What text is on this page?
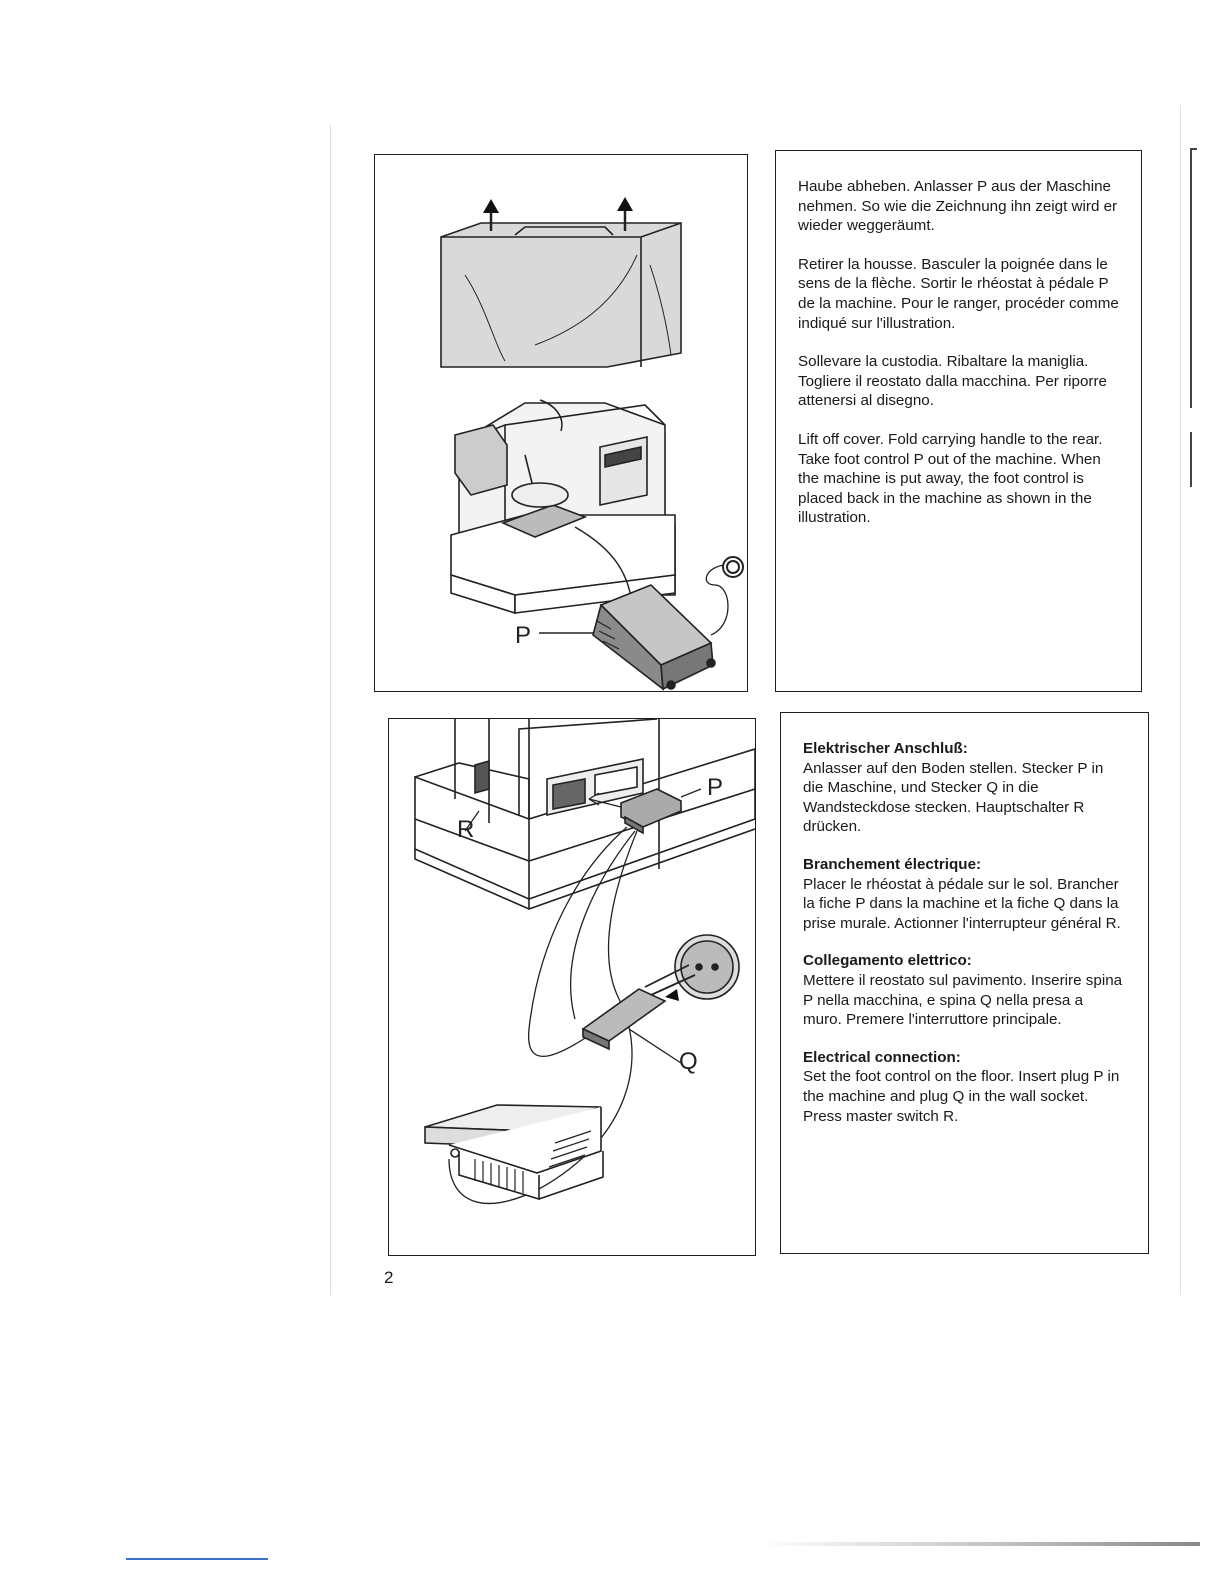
P

Haube abheben. Anlasser P aus der Maschine nehmen. So wie die Zeichnung ihn zeigt wird er wieder weggeräumt.

Retirer la housse. Basculer la poignée dans le sens de la flèche. Sortir le rhéostat à pédale P de la machine. Pour le ranger, procéder comme indiqué sur l'illustration.

Sollevare la custodia. Ribaltare la maniglia. Togliere il reostato dalla macchina. Per riporre attenersi al disegno.

Lift off cover. Fold carrying handle to the rear. Take foot control P out of the machine. When the machine is put away, the foot control is placed back in the machine as shown in the illustration.

P
R
Q
Elektrischer Anschluß:

Anlasser auf den Boden stellen. Stecker P in die Maschine, und Stecker Q in die Wandsteckdose stecken. Hauptschalter R drücken.

Branchement électrique:

Placer le rhéostat à pédale sur le sol. Brancher la fiche P dans la machine et la fiche Q dans la prise murale. Actionner l'interrupteur général R.

Collegamento elettrico:

Mettere il reostato sul pavimento. Inserire spina P nella macchina, e spina Q nella presa a muro. Premere l'interruttore principale.

Electrical connection:

Set the foot control on the floor. Insert plug P in the machine and plug Q in the wall socket. Press master switch R.

2
